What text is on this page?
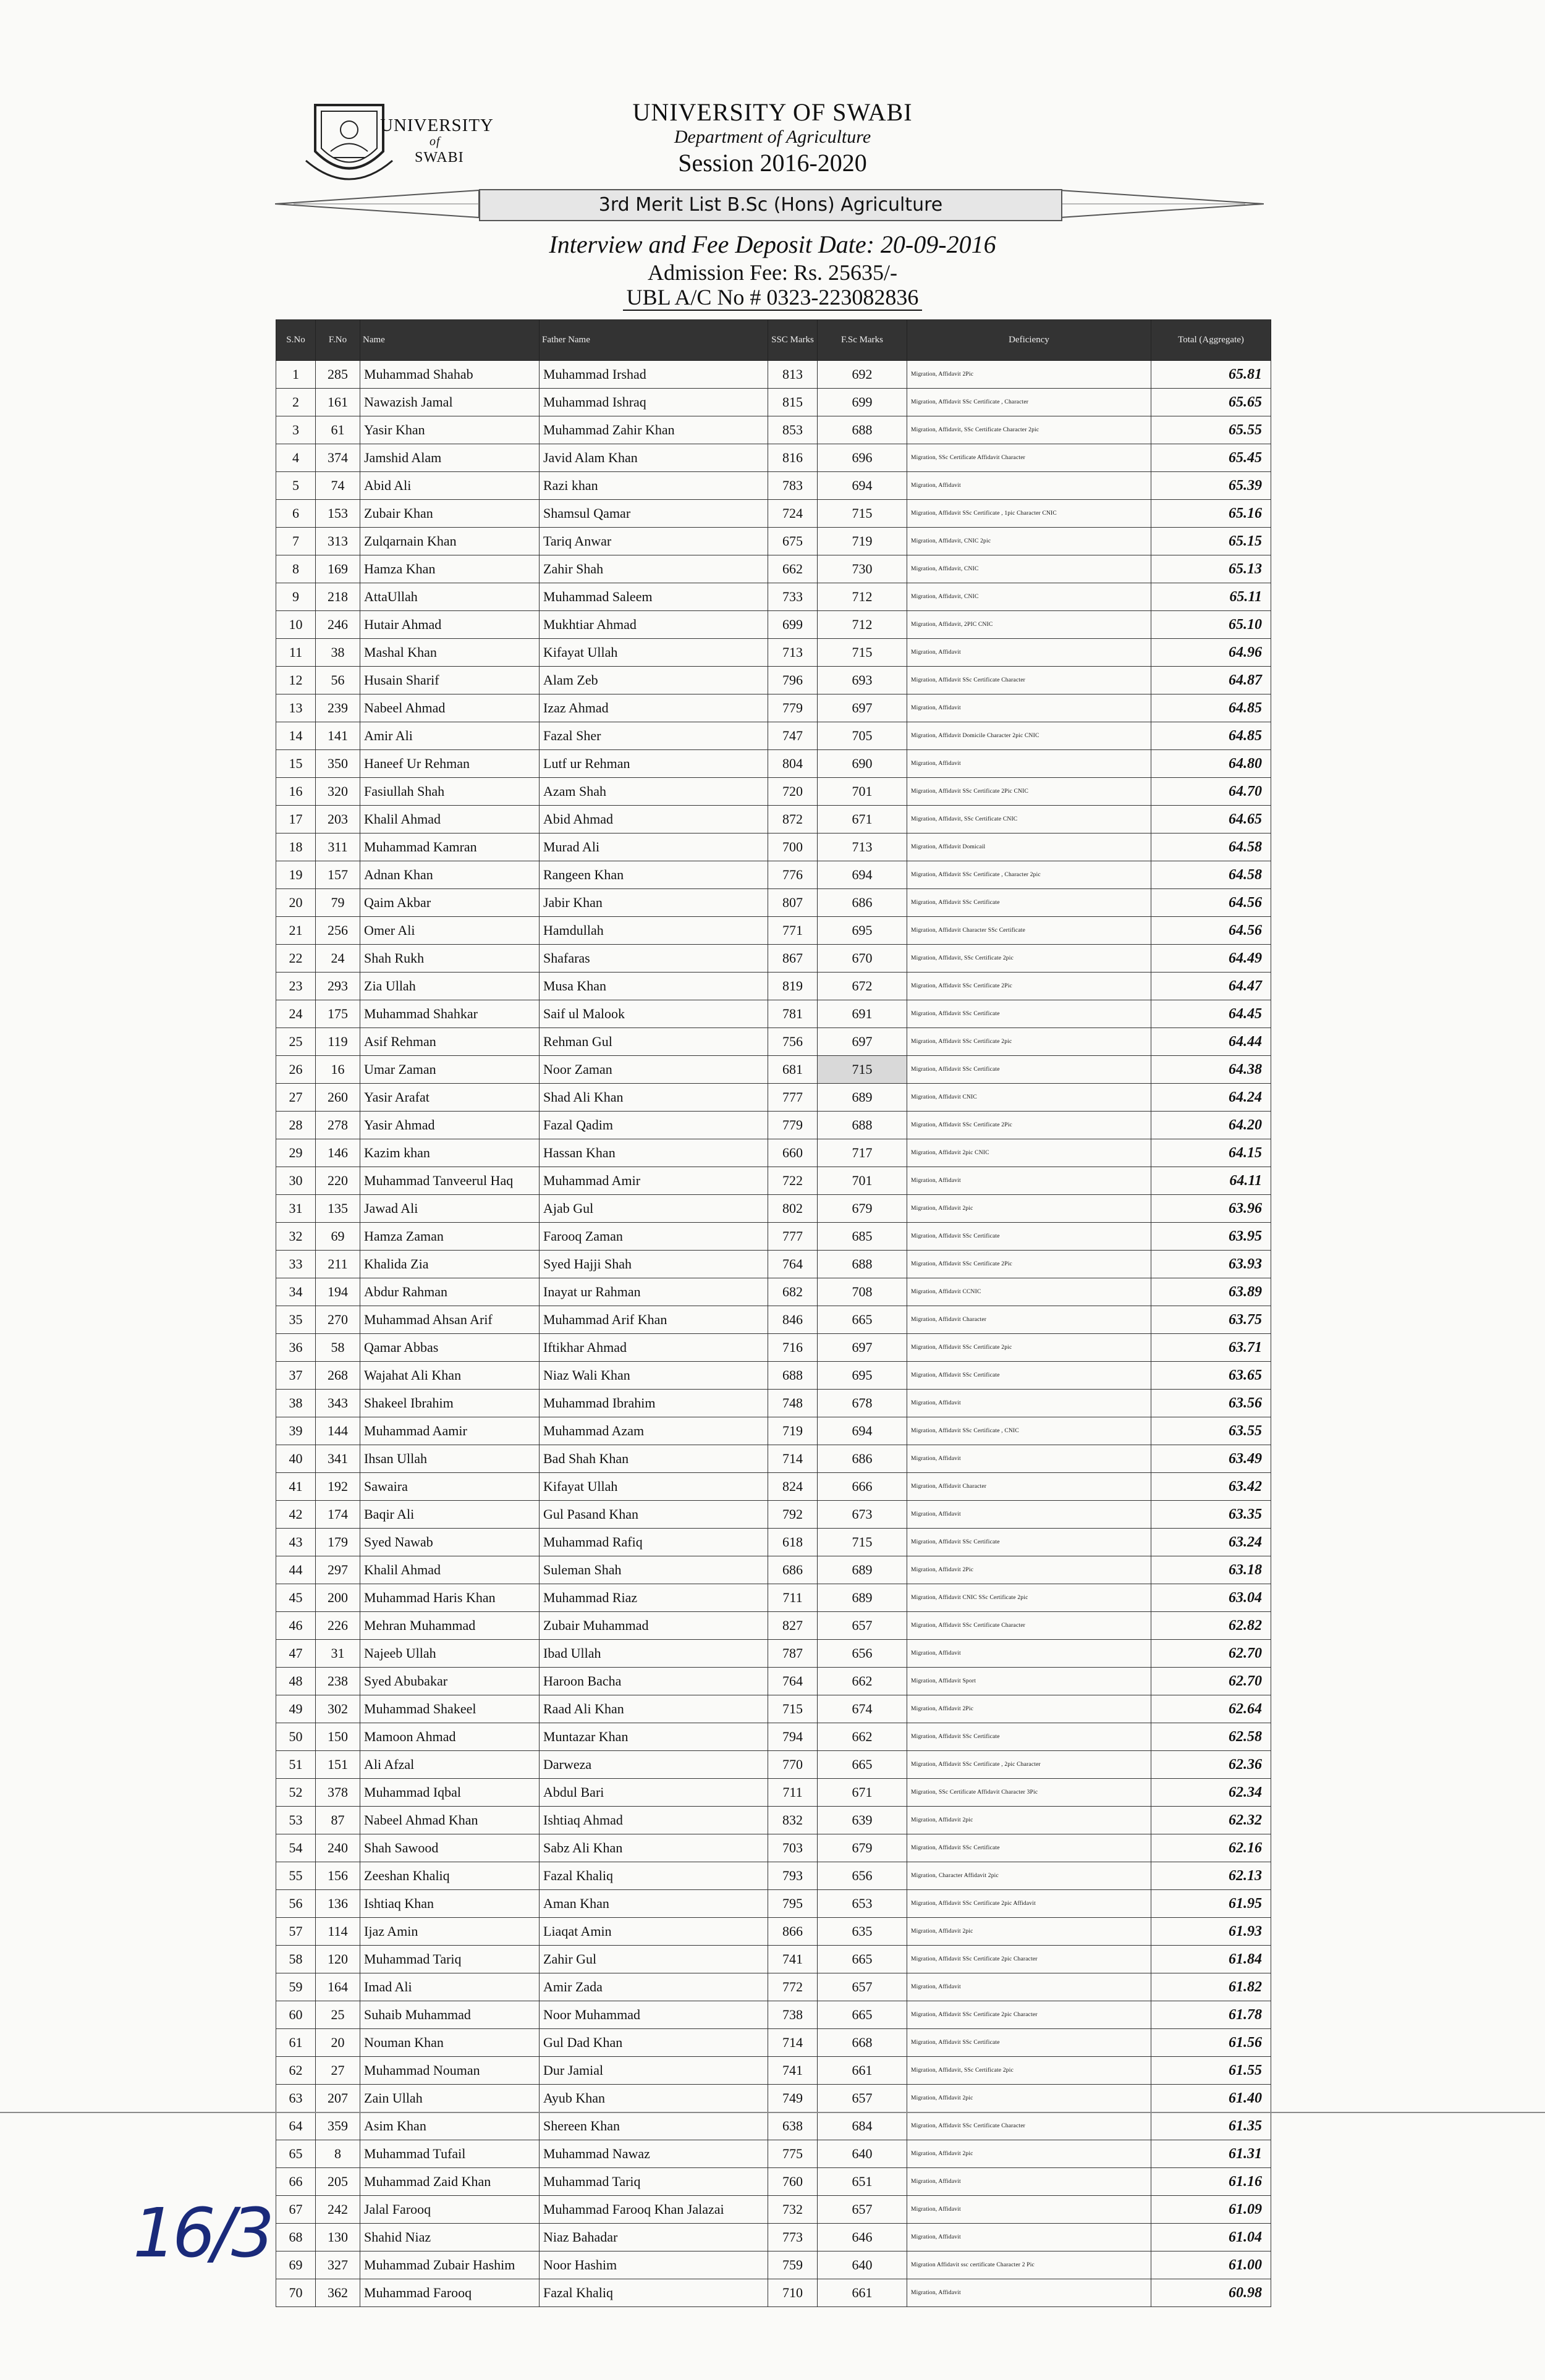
UNIVERSITY
of
SWABI
UNIVERSITY OF SWABI
Department of Agriculture
Session 2016-2020
3rd Merit List B.Sc (Hons) Agriculture
Interview and Fee Deposit Date: 20-09-2016
Admission Fee: Rs. 25635/-
UBL A/C No # 0323-223082836
S.No	F.No	Name	Father Name	SSC Marks	F.Sc Marks	Deficiency	Total (Aggregate)
1	285	Muhammad Shahab	Muhammad Irshad	813	692	Migration, Affidavit 2Pic	65.81
2	161	Nawazish Jamal	Muhammad Ishraq	815	699	Migration, Affidavit SSc Certificate , Character	65.65
3	61	Yasir Khan	Muhammad Zahir Khan	853	688	Migration, Affidavit, SSc Certificate Character 2pic	65.55
4	374	Jamshid Alam	Javid Alam Khan	816	696	Migration, SSc Certificate Affidavit Character	65.45
5	74	Abid Ali	Razi khan	783	694	Migration, Affidavit	65.39
6	153	Zubair Khan	Shamsul Qamar	724	715	Migration, Affidavit SSc Certificate , 1pic Character CNIC	65.16
7	313	Zulqarnain Khan	Tariq Anwar	675	719	Migration, Affidavit, CNIC 2pic	65.15
8	169	Hamza Khan	Zahir Shah	662	730	Migration, Affidavit, CNIC	65.13
9	218	AttaUllah	Muhammad Saleem	733	712	Migration, Affidavit, CNIC	65.11
10	246	Hutair Ahmad	Mukhtiar Ahmad	699	712	Migration, Affidavit, 2PIC CNIC	65.10
11	38	Mashal Khan	Kifayat Ullah	713	715	Migration, Affidavit	64.96
12	56	Husain Sharif	Alam Zeb	796	693	Migration, Affidavit SSc Certificate Character	64.87
13	239	Nabeel Ahmad	Izaz Ahmad	779	697	Migration, Affidavit	64.85
14	141	Amir Ali	Fazal Sher	747	705	Migration, Affidavit Domicile Character 2pic CNIC	64.85
15	350	Haneef Ur Rehman	Lutf ur Rehman	804	690	Migration, Affidavit	64.80
16	320	Fasiullah Shah	Azam Shah	720	701	Migration, Affidavit SSc Certificate 2Pic CNIC	64.70
17	203	Khalil Ahmad	Abid Ahmad	872	671	Migration, Affidavit, SSc Certificate CNIC	64.65
18	311	Muhammad Kamran	Murad Ali	700	713	Migration, Affidavit Domicail	64.58
19	157	Adnan Khan	Rangeen Khan	776	694	Migration, Affidavit SSc Certificate , Character 2pic	64.58
20	79	Qaim Akbar	Jabir Khan	807	686	Migration, Affidavit SSc Certificate	64.56
21	256	Omer Ali	Hamdullah	771	695	Migration, Affidavit Character SSc Certificate	64.56
22	24	Shah Rukh	Shafaras	867	670	Migration, Affidavit, SSc Certificate 2pic	64.49
23	293	Zia Ullah	Musa Khan	819	672	Migration, Affidavit SSc Certificate 2Pic	64.47
24	175	Muhammad Shahkar	Saif ul Malook	781	691	Migration, Affidavit SSc Certificate	64.45
25	119	Asif Rehman	Rehman Gul	756	697	Migration, Affidavit SSc Certificate 2pic	64.44
26	16	Umar Zaman	Noor Zaman	681	715	Migration, Affidavit SSc Certificate	64.38
27	260	Yasir Arafat	Shad Ali Khan	777	689	Migration, Affidavit CNIC	64.24
28	278	Yasir Ahmad	Fazal Qadim	779	688	Migration, Affidavit SSc Certificate 2Pic	64.20
29	146	Kazim khan	Hassan Khan	660	717	Migration, Affidavit 2pic CNIC	64.15
30	220	Muhammad Tanveerul Haq	Muhammad Amir	722	701	Migration, Affidavit	64.11
31	135	Jawad Ali	Ajab Gul	802	679	Migration, Affidavit 2pic	63.96
32	69	Hamza Zaman	Farooq Zaman	777	685	Migration, Affidavit SSc Certificate	63.95
33	211	Khalida Zia	Syed Hajji Shah	764	688	Migration, Affidavit SSc Certificate 2Pic	63.93
34	194	Abdur Rahman	Inayat ur Rahman	682	708	Migration, Affidavit CCNIC	63.89
35	270	Muhammad Ahsan Arif	Muhammad Arif Khan	846	665	Migration, Affidavit Character	63.75
36	58	Qamar Abbas	Iftikhar Ahmad	716	697	Migration, Affidavit SSc Certificate 2pic	63.71
37	268	Wajahat Ali Khan	Niaz Wali Khan	688	695	Migration, Affidavit SSc Certificate	63.65
38	343	Shakeel Ibrahim	Muhammad Ibrahim	748	678	Migration, Affidavit	63.56
39	144	Muhammad Aamir	Muhammad Azam	719	694	Migration, Affidavit SSc Certificate , CNIC	63.55
40	341	Ihsan Ullah	Bad Shah Khan	714	686	Migration, Affidavit	63.49
41	192	Sawaira	Kifayat Ullah	824	666	Migration, Affidavit Character	63.42
42	174	Baqir Ali	Gul Pasand Khan	792	673	Migration, Affidavit	63.35
43	179	Syed Nawab	Muhammad Rafiq	618	715	Migration, Affidavit SSc Certificate	63.24
44	297	Khalil Ahmad	Suleman Shah	686	689	Migration, Affidavit 2Pic	63.18
45	200	Muhammad Haris Khan	Muhammad Riaz	711	689	Migration, Affidavit CNIC SSc Certificate 2pic	63.04
46	226	Mehran Muhammad	Zubair Muhammad	827	657	Migration, Affidavit SSc Certificate Character	62.82
47	31	Najeeb Ullah	Ibad Ullah	787	656	Migration, Affidavit	62.70
48	238	Syed Abubakar	Haroon Bacha	764	662	Migration, Affidavit Sport	62.70
49	302	Muhammad Shakeel	Raad Ali Khan	715	674	Migration, Affidavit 2Pic	62.64
50	150	Mamoon Ahmad	Muntazar Khan	794	662	Migration, Affidavit SSc Certificate	62.58
51	151	Ali Afzal	Darweza	770	665	Migration, Affidavit SSc Certificate , 2pic Character	62.36
52	378	Muhammad Iqbal	Abdul Bari	711	671	Migration, SSc Certificate Affidavit Character 3Pic	62.34
53	87	Nabeel Ahmad Khan	Ishtiaq Ahmad	832	639	Migration, Affidavit 2pic	62.32
54	240	Shah Sawood	Sabz Ali Khan	703	679	Migration, Affidavit SSc Certificate	62.16
55	156	Zeeshan Khaliq	Fazal Khaliq	793	656	Migration, Character Affidavit 2pic	62.13
56	136	Ishtiaq Khan	Aman Khan	795	653	Migration, Affidavit SSc Certificate 2pic Affidavit	61.95
57	114	Ijaz Amin	Liaqat Amin	866	635	Migration, Affidavit 2pic	61.93
58	120	Muhammad Tariq	Zahir Gul	741	665	Migration, Affidavit SSc Certificate 2pic Character	61.84
59	164	Imad Ali	Amir Zada	772	657	Migration, Affidavit	61.82
60	25	Suhaib Muhammad	Noor Muhammad	738	665	Migration, Affidavit SSc Certificate 2pic Character	61.78
61	20	Nouman Khan	Gul Dad Khan	714	668	Migration, Affidavit SSc Certificate	61.56
62	27	Muhammad Nouman	Dur Jamial	741	661	Migration, Affidavit, SSc Certificate 2pic	61.55
63	207	Zain Ullah	Ayub Khan	749	657	Migration, Affidavit 2pic	61.40
64	359	Asim Khan	Shereen Khan	638	684	Migration, Affidavit SSc Certificate Character	61.35
65	8	Muhammad Tufail	Muhammad Nawaz	775	640	Migration, Affidavit 2pic	61.31
66	205	Muhammad Zaid Khan	Muhammad Tariq	760	651	Migration, Affidavit	61.16
67	242	Jalal Farooq	Muhammad Farooq Khan Jalazai	732	657	Migration, Affidavit	61.09
68	130	Shahid Niaz	Niaz Bahadar	773	646	Migration, Affidavit	61.04
69	327	Muhammad Zubair Hashim	Noor Hashim	759	640	Migration Affidavit ssc certificate Character 2 Pic	61.00
70	362	Muhammad Farooq	Fazal Khaliq	710	661	Migration, Affidavit	60.98
16/3
